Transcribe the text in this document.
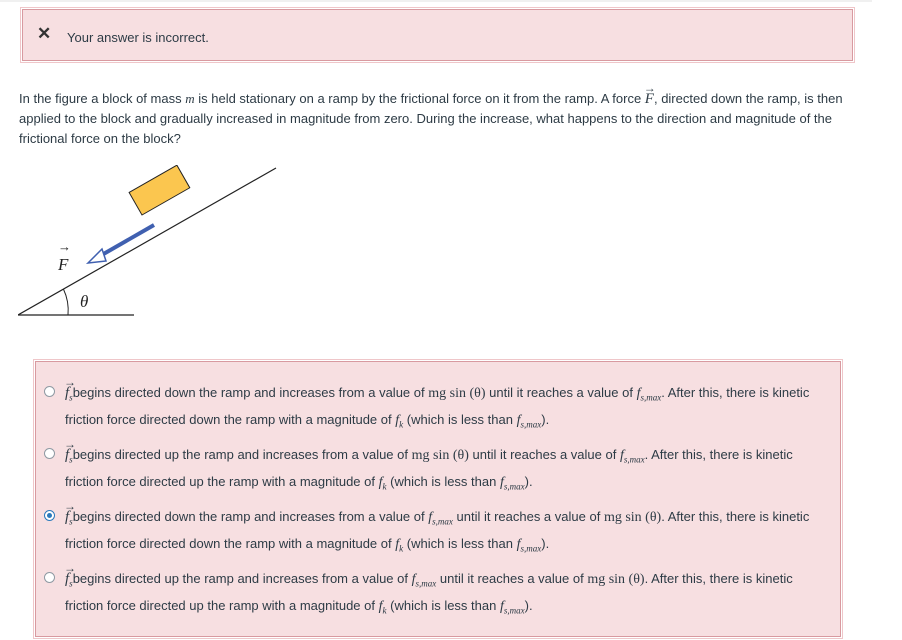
✕ Your answer is incorrect.
In the figure a block of mass m is held stationary on a ramp by the frictional force on it from the ramp. A force → F, directed down the ramp, is then applied to the block and gradually increased in magnitude from zero. During the increase, what happens to the direction and magnitude of the frictional force on the block?
θ
F
→
→ $f_sbegins$ directed down the ramp and increases from a value of mg sin (θ) until it reaches a value of $f_{s,max}$. After this, there is kinetic friction force directed down the ramp with a magnitude of $f_k$ (which is less than $f_{s,max}$).
→ $f_sbegins$ directed up the ramp and increases from a value of mg sin (θ) until it reaches a value of $f_{s,max}$. After this, there is kinetic friction force directed up the ramp with a magnitude of $f_k$ (which is less than $f_{s,max}$).
→ $f_sbegins$ directed down the ramp and increases from a value of $f_{s,max}$ until it reaches a value of mg sin (θ). After this, there is kinetic friction force directed down the ramp with a magnitude of $f_k$ (which is less than $f_{s,max}$).
→ $f_sbegins$ directed up the ramp and increases from a value of $f_{s,max}$ until it reaches a value of mg sin (θ). After this, there is kinetic friction force directed up the ramp with a magnitude of $f_k$ (which is less than $f_{s,max}$).
